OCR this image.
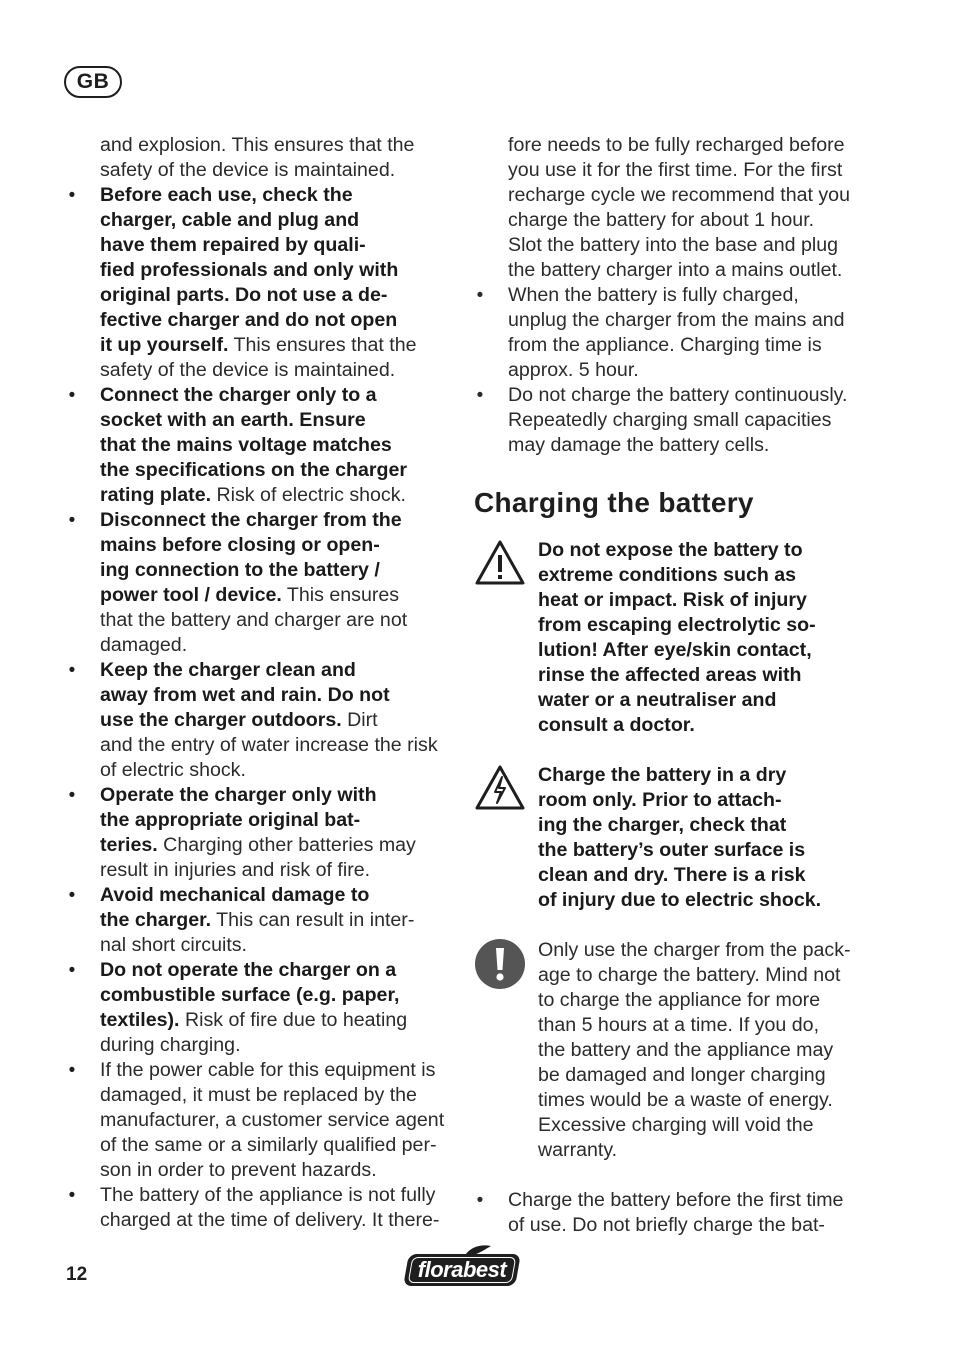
GB
and explosion. This ensures that the
safety of the device is maintained.
• Before each use, check the
charger, cable and plug and
have them repaired by quali-
fied professionals and only with
original parts. Do not use a de-
fective charger and do not open
it up yourself. This ensures that the
safety of the device is maintained.
• Connect the charger only to a
socket with an earth. Ensure
that the mains voltage matches
the specifications on the charger
rating plate. Risk of electric shock.
• Disconnect the charger from the
mains before closing or open-
ing connection to the battery /
power tool / device. This ensures
that the battery and charger are not
damaged.
• Keep the charger clean and
away from wet and rain. Do not
use the charger outdoors. Dirt
and the entry of water increase the risk
of electric shock.
• Operate the charger only with
the appropriate original bat-
teries. Charging other batteries may
result in injuries and risk of fire.
• Avoid mechanical damage to
the charger. This can result in inter-
nal short circuits.
• Do not operate the charger on a
combustible surface (e.g. paper,
textiles). Risk of fire due to heating
during charging.
• If the power cable for this equipment is
damaged, it must be replaced by the
manufacturer, a customer service agent
of the same or a similarly qualified per-
son in order to prevent hazards.
• The battery of the appliance is not fully
charged at the time of delivery. It there-
fore needs to be fully recharged before
you use it for the first time. For the first
recharge cycle we recommend that you
charge the battery for about 1 hour.
Slot the battery into the base and plug
the battery charger into a mains outlet.
• When the battery is fully charged,
unplug the charger from the mains and
from the appliance. Charging time is
approx. 5 hour.
• Do not charge the battery continuously.
Repeatedly charging small capacities
may damage the battery cells.
Charging the battery
Do not expose the battery to
extreme conditions such as
heat or impact. Risk of injury
from escaping electrolytic so-
lution! After eye/skin contact,
rinse the affected areas with
water or a neutraliser and
consult a doctor.
Charge the battery in a dry
room only. Prior to attach-
ing the charger, check that
the battery’s outer surface is
clean and dry. There is a risk
of injury due to electric shock.
Only use the charger from the pack-
age to charge the battery. Mind not
to charge the appliance for more
than 5 hours at a time. If you do,
the battery and the appliance may
be damaged and longer charging
times would be a waste of energy.
Excessive charging will void the
warranty.
• Charge the battery before the first time
of use. Do not briefly charge the bat-
12	florabest
